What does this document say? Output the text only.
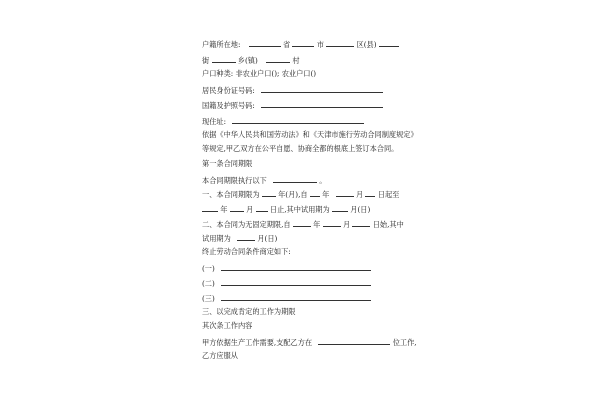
户籍所在地:	省	市	区(县)
街	乡(镇)	村
户口种类: 非农业户口(); 农业户口()
居民身份证号码:
国籍及护照号码:
现住址:
依据《中华人民共和国劳动法》和《天津市施行劳动合同制度规定》
等规定,甲乙双方在公平自愿、协商全都的根底上签订本合同。
第一条合同期限
本合同期限执行以下	。
一、本合同期限为	年(月),自 年	月 日起至
年	月 日止,其中试用期为	月(日)
二、本合同为无固定期限,自	年	月	日始,其中
试用期为	月(日)
终止劳动合同条件商定如下:
(一)
(二)
(三)
三、以完成肯定的工作为期限
其次条工作内容
甲方依据生产工作需要,支配乙方在	位工作,
乙方应服从
